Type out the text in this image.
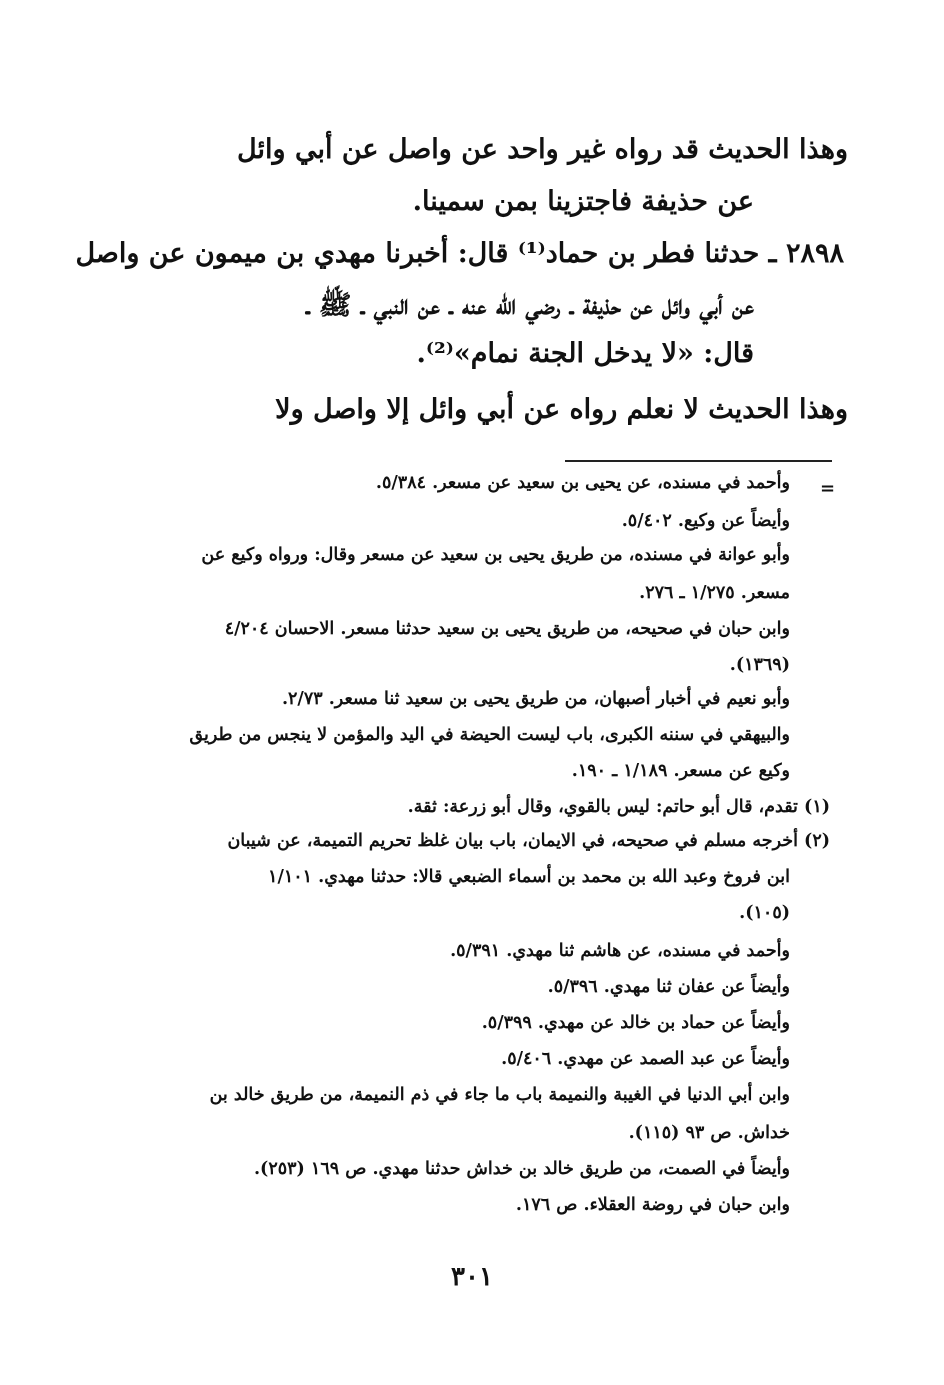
وهذا الحديث قد رواه غير واحد عن واصل عن أبي وائل

عن حذيفة فاجتزينا بمن سمينا.

٢٨٩٨ ـ حدثنا فطر بن حماد⁽¹⁾ قال: أخبرنا مهدي بن ميمون عن واصل

عن أبي وائل عن حذيفة ـ رضي الله عنه ـ عن النبي ـ ﷺ ـ

قال: «لا يدخل الجنة نمام»⁽²⁾.

وهذا الحديث لا نعلم رواه عن أبي وائل إلا واصل ولا

=

وأحمد في مسنده، عن يحيى بن سعيد عن مسعر. ٥/٣٨٤.

وأيضاً عن وكيع. ٥/٤٠٢.

وأبو عوانة في مسنده، من طريق يحيى بن سعيد عن مسعر وقال: ورواه وكيع عن

مسعر. ١/٢٧٥ ـ ٢٧٦.

وابن حبان في صحيحه، من طريق يحيى بن سعيد حدثنا مسعر. الاحسان ٤/٢٠٤

(١٣٦٩).

وأبو نعيم في أخبار أصبهان، من طريق يحيى بن سعيد ثنا مسعر. ٢/٧٣.

والبيهقي في سننه الكبرى، باب ليست الحيضة في اليد والمؤمن لا ينجس من طريق

وكيع عن مسعر. ١/١٨٩ ـ ١٩٠.

(١) تقدم، قال أبو حاتم: ليس بالقوي، وقال أبو زرعة: ثقة.

(٢) أخرجه مسلم في صحيحه، في الايمان، باب بيان غلظ تحريم التميمة، عن شيبان

ابن فروخ وعبد الله بن محمد بن أسماء الضبعي قالا: حدثنا مهدي. ١/١٠١

(١٠٥).

وأحمد في مسنده، عن هاشم ثنا مهدي. ٥/٣٩١.

وأيضاً عن عفان ثنا مهدي. ٥/٣٩٦.

وأيضاً عن حماد بن خالد عن مهدي. ٥/٣٩٩.

وأيضاً عن عبد الصمد عن مهدي. ٥/٤٠٦.

وابن أبي الدنيا في الغيبة والنميمة باب ما جاء في ذم النميمة، من طريق خالد بن

خداش. ص ٩٣ (١١٥).

وأيضاً في الصمت، من طريق خالد بن خداش حدثنا مهدي. ص ١٦٩ (٢٥٣).

وابن حبان في روضة العقلاء. ص ١٧٦.

٣٠١
